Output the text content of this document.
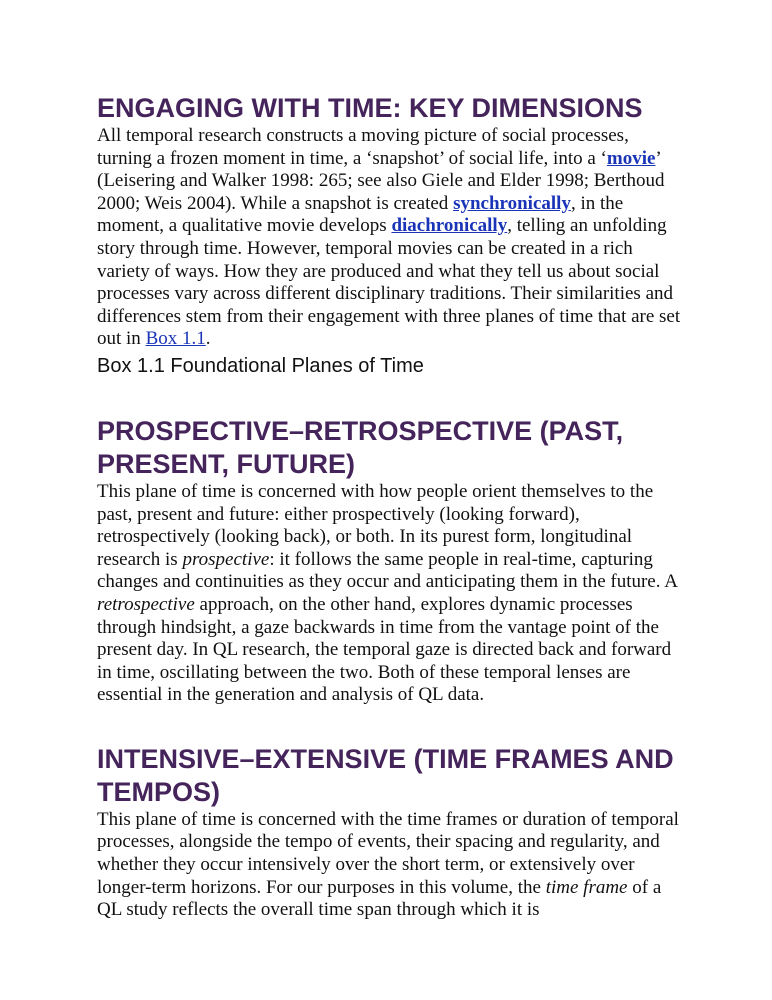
ENGAGING WITH TIME: KEY DIMENSIONS

All temporal research constructs a moving picture of social processes, turning a frozen moment in time, a ‘snapshot’ of social life, into a ‘movie’ (Leisering and Walker 1998: 265; see also Giele and Elder 1998; Berthoud 2000; Weis 2004). While a snapshot is created synchronically, in the moment, a qualitative movie develops diachronically, telling an unfolding story through time. However, temporal movies can be created in a rich variety of ways. How they are produced and what they tell us about social processes vary across different disciplinary traditions. Their similarities and differences stem from their engagement with three planes of time that are set out in Box 1.1.

Box 1.1 Foundational Planes of Time
PROSPECTIVE–RETROSPECTIVE (PAST, PRESENT, FUTURE)

This plane of time is concerned with how people orient themselves to the past, present and future: either prospectively (looking forward), retrospectively (looking back), or both. In its purest form, longitudinal research is prospective: it follows the same people in real-time, capturing changes and continuities as they occur and anticipating them in the future. A retrospective approach, on the other hand, explores dynamic processes through hindsight, a gaze backwards in time from the vantage point of the present day. In QL research, the temporal gaze is directed back and forward in time, oscillating between the two. Both of these temporal lenses are essential in the generation and analysis of QL data.

INTENSIVE–EXTENSIVE (TIME FRAMES AND TEMPOS)

This plane of time is concerned with the time frames or duration of temporal processes, alongside the tempo of events, their spacing and regularity, and whether they occur intensively over the short term, or extensively over longer-term horizons. For our purposes in this volume, the time frame of a QL study reflects the overall time span through which it is
